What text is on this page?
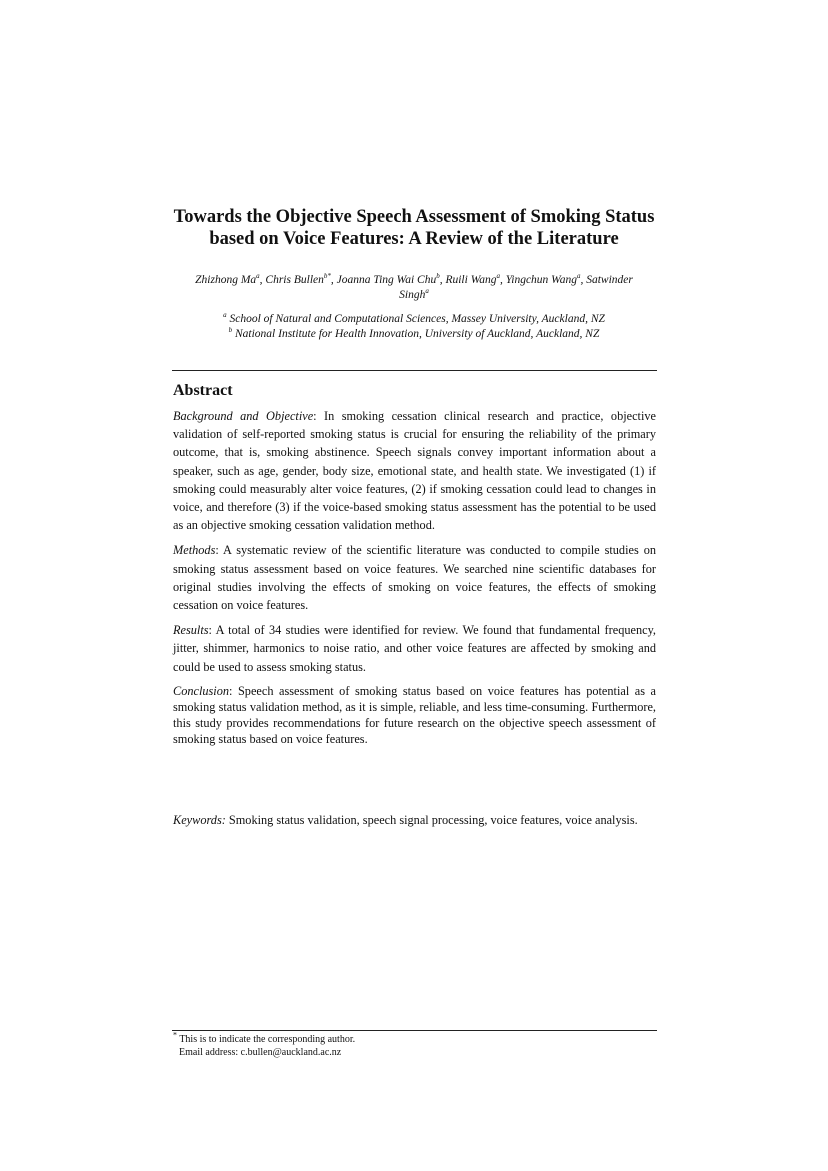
Towards the Objective Speech Assessment of Smoking Status based on Voice Features: A Review of the Literature
Zhizhong Ma$^a$, Chris Bullen$^{b*}$, Joanna Ting Wai Chu$^b$, Ruili Wang$^a$, Yingchun Wang$^a$, Satwinder Singh$^a$
$^a$ School of Natural and Computational Sciences, Massey University, Auckland, NZ
$^b$ National Institute for Health Innovation, University of Auckland, Auckland, NZ
Abstract

Background and Objective: In smoking cessation clinical research and practice, objective validation of self-reported smoking status is crucial for ensuring the reliability of the primary outcome, that is, smoking abstinence. Speech signals convey important information about a speaker, such as age, gender, body size, emotional state, and health state. We investigated (1) if smoking could measurably alter voice features, (2) if smoking cessation could lead to changes in voice, and therefore (3) if the voice-based smoking status assessment has the potential to be used as an objective smoking cessation validation method.

Methods: A systematic review of the scientific literature was conducted to compile studies on smoking status assessment based on voice features. We searched nine scientific databases for original studies involving the effects of smoking on voice features, the effects of smoking cessation on voice features.

Results: A total of 34 studies were identified for review. We found that fundamental frequency, jitter, shimmer, harmonics to noise ratio, and other voice features are affected by smoking and could be used to assess smoking status.

Conclusion: Speech assessment of smoking status based on voice features has potential as a smoking status validation method, as it is simple, reliable, and less time-consuming. Furthermore, this study provides recommendations for future research on the objective speech assessment of smoking status based on voice features.

Keywords: Smoking status validation, speech signal processing, voice features, voice analysis.
* This is to indicate the corresponding author.
Email address: c.bullen@auckland.ac.nz
